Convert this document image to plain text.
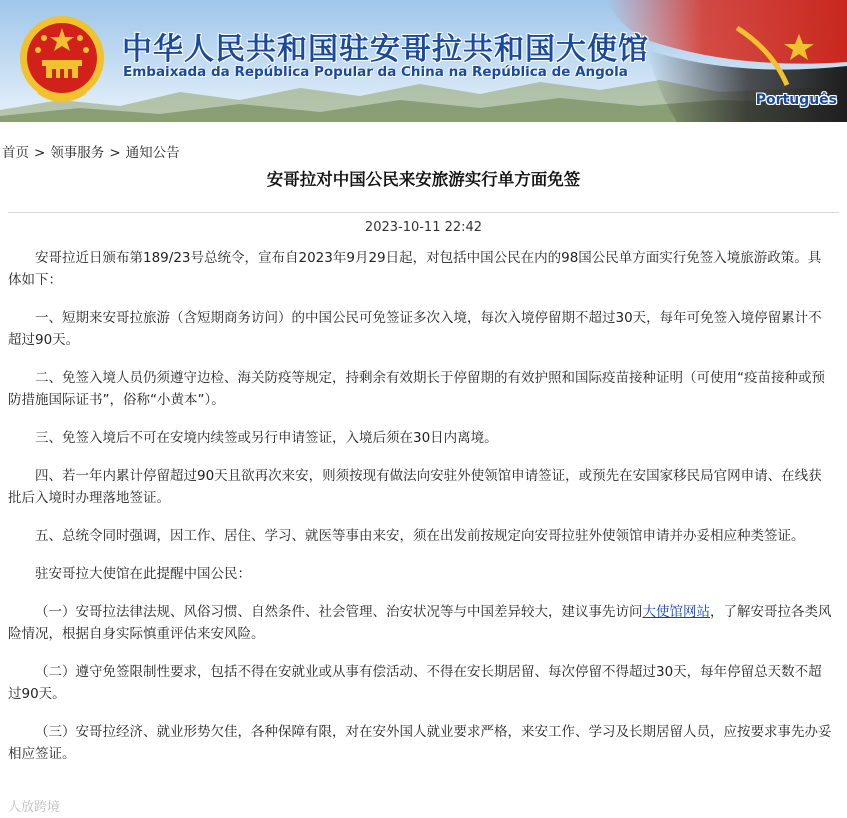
中华人民共和国驻安哥拉共和国大使馆
Embaixada da República Popular da China na República de Angola
Português
首页 > 领事服务 > 通知公告
安哥拉对中国公民来安旅游实行单方面免签
2023-10-11 22:42

安哥拉近日颁布第189/23号总统令，宣布自2023年9月29日起，对包括中国公民在内的98国公民单方面实行免签入境旅游政策。具体如下：

一、短期来安哥拉旅游（含短期商务访问）的中国公民可免签证多次入境，每次入境停留期不超过30天，每年可免签入境停留累计不超过90天。

二、免签入境人员仍须遵守边检、海关防疫等规定，持剩余有效期长于停留期的有效护照和国际疫苗接种证明（可使用“疫苗接种或预防措施国际证书”，俗称“小黄本”）。

三、免签入境后不可在安境内续签或另行申请签证，入境后须在30日内离境。

四、若一年内累计停留超过90天且欲再次来安，则须按现有做法向安驻外使领馆申请签证，或预先在安国家移民局官网申请、在线获批后入境时办理落地签证。

五、总统令同时强调，因工作、居住、学习、就医等事由来安，须在出发前按规定向安哥拉驻外使领馆申请并办妥相应种类签证。

驻安哥拉大使馆在此提醒中国公民：

（一）安哥拉法律法规、风俗习惯、自然条件、社会管理、治安状况等与中国差异较大，建议事先访问大使馆网站，了解安哥拉各类风险情况，根据自身实际慎重评估来安风险。

（二）遵守免签限制性要求，包括不得在安就业或从事有偿活动、不得在安长期居留、每次停留不得超过30天，每年停留总天数不超过90天。

（三）安哥拉经济、就业形势欠佳，各种保障有限，对在安外国人就业要求严格，来安工作、学习及长期居留人员，应按要求事先办妥相应签证。

人放跨境
